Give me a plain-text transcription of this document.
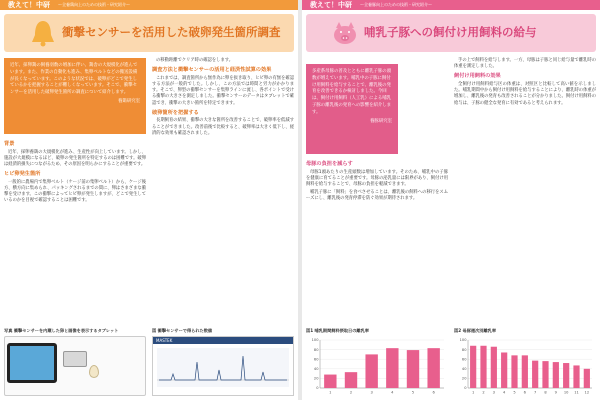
教えて！中研 ～全養鶏向上のための技術・研究紹介～
衝撃センサーを活用した破卵発生箇所調査
近年、採卵鶏の飼養羽数の増加に伴い、鶏舎の大規模化が進んでいます。また、作業の自動化も進み、集卵ベルトなどの搬送設備が長くなっています。このような状況では、破卵がどこで発生しているかを把握することが難しくなっています。そこで、衝撃センサーを活用した破卵発生箇所の調査について紹介します。
養鶏研究室
背景
近年、採卵養鶏の大規模化が進み、生産性が向上しています。しかし、施設が大規模になるほど、破卵の発生箇所を特定するのは困難です。破卵は経済的損失につながるため、その原因を明らかにすることが重要です。
ヒビ卵発生箇所
一般的に農場内で集卵ベルト（ケージ前の集卵ベルト）から、ケージ後方、横方向に集められ、パッキングされるまでの間に、卵はさまざまな衝撃を受けます。この衝撃によってヒビ卵が発生しますが、どこで発生しているのかを目視で確認することは困難です。
の移動距離でクリア時の確認をします。
調査方法と衝撃センサーの活用と経済性試算の効果
これまでは、調査箇所から無作為に卵を抜き取り、ヒビ卵の有無を確認する方法が一般的でした。しかし、この方法では時間と労力がかかります。そこで、卵型の衝撃センサーを集卵ラインに流し、各ポイントで受ける衝撃の大きさを測定しました。衝撃センサーのデータはタブレットで確認でき、衝撃の大きい箇所を特定できます。
破卵箇所を把握する
長期飼育の結果、衝撃の大きな箇所を改善することで、破卵率を低減することができました。改善前後で比較すると、破卵率は大きく低下し、経済的な効果も確認されました。
写真 衝撃センサーを内蔵した卵と画像を表示するタブレット	図 衝撃センサーで得られた数値
MASTEK
教えて！中研 ～全養豚向上のための技術・研究紹介～
哺乳子豚への飼付け用飼料の給与
多産系母豚の普及とともに離乳子豚の頭数が増えています。哺乳中の子豚に飼付け用飼料を給与することで、離乳後の発育を改善できるか検討しました。今回は、飼付け用飼料（人工乳）による哺乳子豚の離乳後の発育への影響を紹介します。
養豚研究室
母豚の負担を減らす
母豚1頭あたりの生産頭数は増加しています。そのため、哺乳中の子豚を健康に育てることが重要です。母豚の泌乳量には限界があり、飼付け用飼料を給与することで、母豚の負担を軽減できます。
哺乳子豚に「飼料」を食べさせることは、離乳後の飼料への移行をスムーズにし、離乳後の発育停滞を防ぐ効果が期待されます。
手の上で飼料を給与します。一方、母豚は子豚と同じ給与量で離乳時の体重を測定しました。
飼付け用飼料の効果
全飼付け用飼料給与区の体重は、対照区と比較して高い値を示しました。哺乳期間中から飼付け用飼料を給与することにより、離乳時の体重が増加し、離乳後の発育も改善されることが分かりました。飼付け用飼料の給与は、子豚の健全な発育に有効であると考えられます。
図1 哺乳期間飼料摂取日の離乳率
0
20
40
60
80
100
1	2	3	4	5	6
図2 母豚週次別離乳率
0
20
40
60
80
100
1 2 3 4 5 6 7 8 9 10 11 12
